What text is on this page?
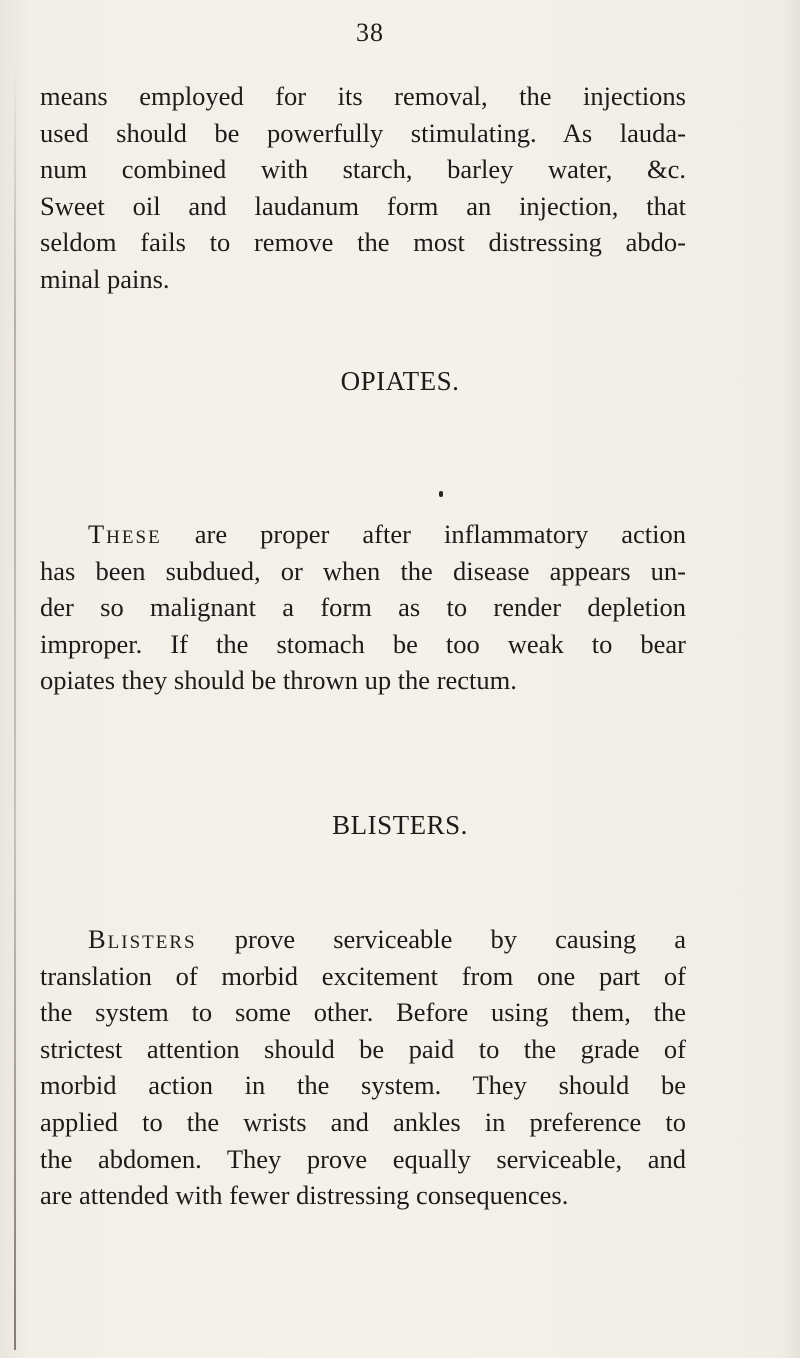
38

means employed for its removal, the injections
used should be powerfully stimulating. As lauda-
num combined with starch, barley water, &c.
Sweet oil and laudanum form an injection, that
seldom fails to remove the most distressing abdo-
minal pains.

OPIATES.

These are proper after inflammatory action
has been subdued, or when the disease appears un-
der so malignant a form as to render depletion
improper. If the stomach be too weak to bear
opiates they should be thrown up the rectum.

BLISTERS.

Blisters prove serviceable by causing a
translation of morbid excitement from one part of
the system to some other. Before using them, the
strictest attention should be paid to the grade of
morbid action in the system. They should be
applied to the wrists and ankles in preference to
the abdomen. They prove equally serviceable, and
are attended with fewer distressing consequences.
